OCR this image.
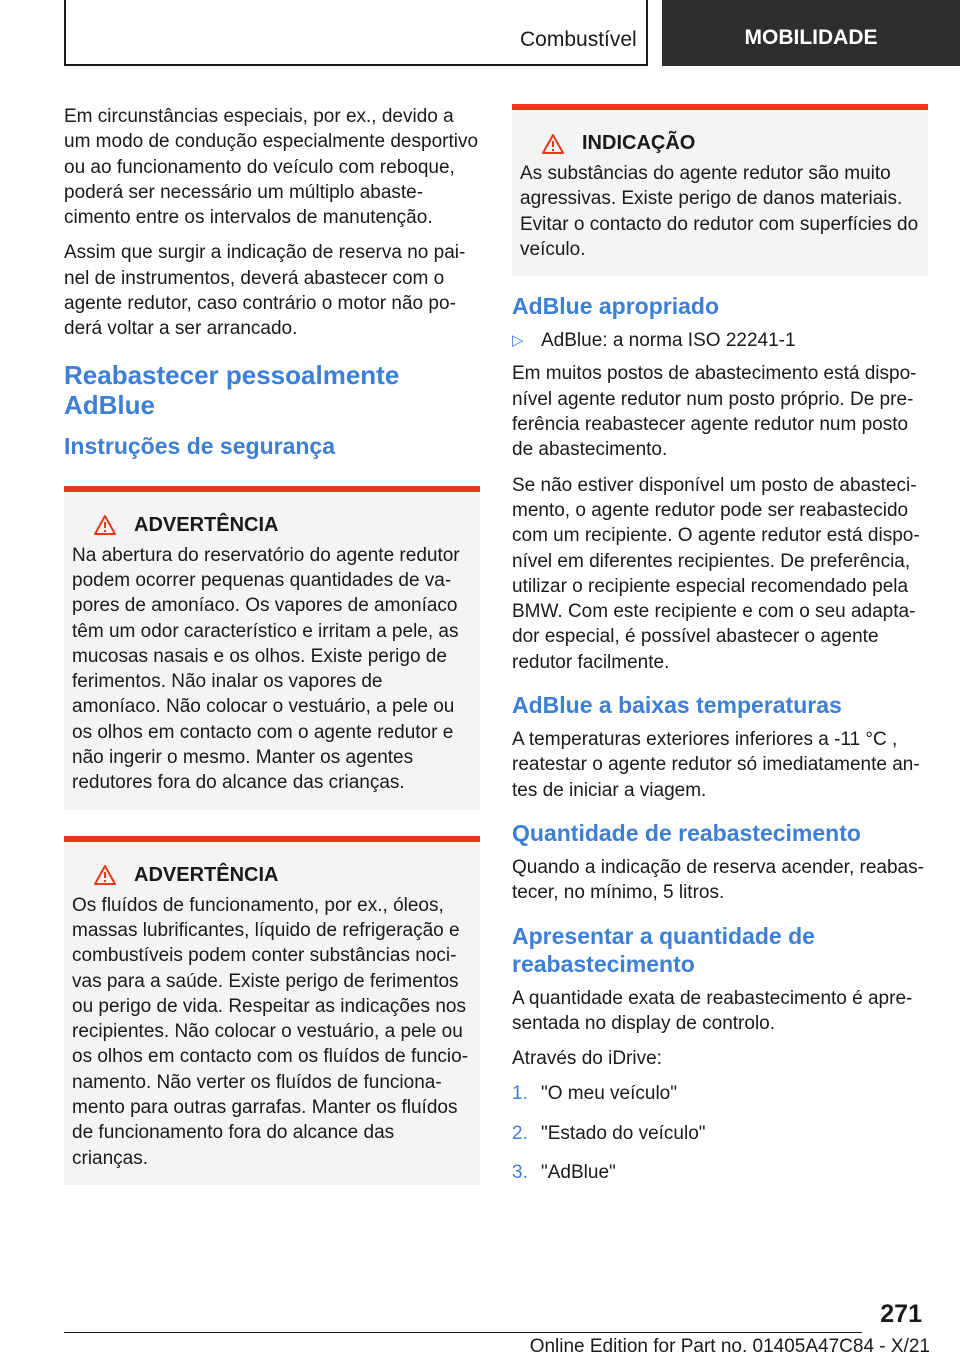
Combustível	MOBILIDADE

Em circunstâncias especiais, por ex., devido a um modo de condução especialmente desportivo ou ao funcionamento do veículo com reboque, poderá ser necessário um múltiplo abastecimento entre os intervalos de manutenção.

Assim que surgir a indicação de reserva no painel de instrumentos, deverá abastecer com o agente redutor, caso contrário o motor não poderá voltar a ser arrancado.

Reabastecer pessoalmente AdBlue
Instruções de segurança
ADVERTÊNCIA

Na abertura do reservatório do agente redutor podem ocorrer pequenas quantidades de vapores de amoníaco. Os vapores de amoníaco têm um odor característico e irritam a pele, as mucosas nasais e os olhos. Existe perigo de ferimentos. Não inalar os vapores de amoníaco. Não colocar o vestuário, a pele ou os olhos em contacto com o agente redutor e não ingerir o mesmo. Manter os agentes redutores fora do alcance das crianças.

ADVERTÊNCIA

Os fluídos de funcionamento, por ex., óleos, massas lubrificantes, líquido de refrigeração e combustíveis podem conter substâncias nocivas para a saúde. Existe perigo de ferimentos ou perigo de vida. Respeitar as indicações nos recipientes. Não colocar o vestuário, a pele ou os olhos em contacto com os fluídos de funcionamento. Não verter os fluídos de funcionamento para outras garrafas. Manter os fluídos de funcionamento fora do alcance das crianças.

INDICAÇÃO

As substâncias do agente redutor são muito agressivas. Existe perigo de danos materiais. Evitar o contacto do redutor com superfícies do veículo.

AdBlue apropriado
▷ AdBlue: a norma ISO 22241-1

Em muitos postos de abastecimento está disponível agente redutor num posto próprio. De preferência reabastecer agente redutor num posto de abastecimento.

Se não estiver disponível um posto de abastecimento, o agente redutor pode ser reabastecido com um recipiente. O agente redutor está disponível em diferentes recipientes. De preferência, utilizar o recipiente especial recomendado pela BMW. Com este recipiente e com o seu adaptador especial, é possível abastecer o agente redutor facilmente.

AdBlue a baixas temperaturas

A temperaturas exteriores inferiores a -11 °C , reatestar o agente redutor só imediatamente antes de iniciar a viagem.

Quantidade de reabastecimento

Quando a indicação de reserva acender, reabastecer, no mínimo, 5 litros.

Apresentar a quantidade de reabastecimento

A quantidade exata de reabastecimento é apresentada no display de controlo.

Através do iDrive:

1. "O meu veículo"
2. "Estado do veículo"
3. "AdBlue"
271
Online Edition for Part no. 01405A47C84 - X/21
